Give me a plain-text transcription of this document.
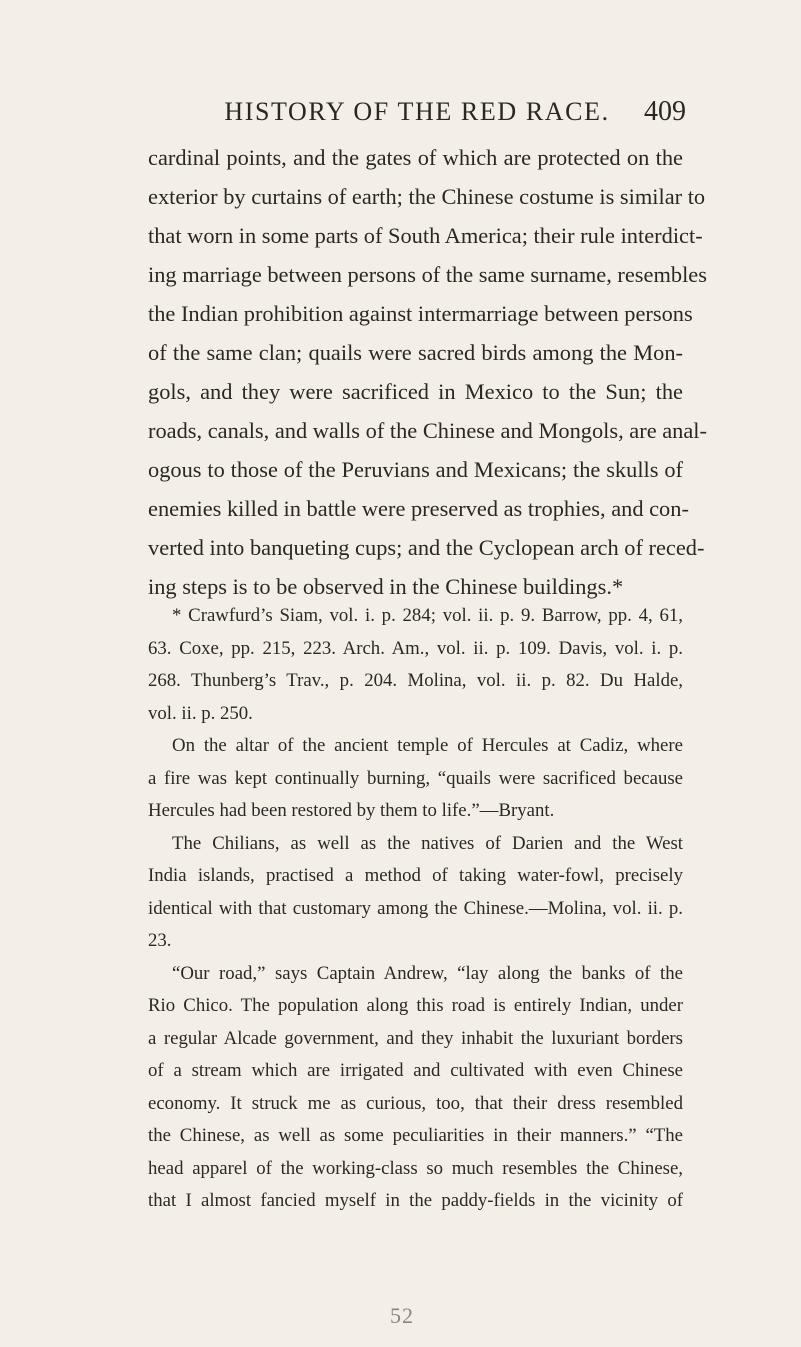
HISTORY OF THE RED RACE.	409
cardinal points, and the gates of which are protected on the
exterior by curtains of earth; the Chinese costume is similar to
that worn in some parts of South America; their rule interdict-
ing marriage between persons of the same surname, resembles
the Indian prohibition against intermarriage between persons
of the same clan; quails were sacred birds among the Mon-
gols, and they were sacrificed in Mexico to the Sun; the
roads, canals, and walls of the Chinese and Mongols, are anal-
ogous to those of the Peruvians and Mexicans; the skulls of
enemies killed in battle were preserved as trophies, and con-
verted into banqueting cups; and the Cyclopean arch of reced-
ing steps is to be observed in the Chinese buildings.*
* Crawfurd’s Siam, vol. i. p. 284; vol. ii. p. 9. Barrow, pp. 4, 61,
63. Coxe, pp. 215, 223. Arch. Am., vol. ii. p. 109. Davis, vol. i. p.
268. Thunberg’s Trav., p. 204. Molina, vol. ii. p. 82. Du Halde,
vol. ii. p. 250.
On the altar of the ancient temple of Hercules at Cadiz, where
a fire was kept continually burning, “quails were sacrificed because
Hercules had been restored by them to life.”—Bryant.
The Chilians, as well as the natives of Darien and the West
India islands, practised a method of taking water-fowl, precisely
identical with that customary among the Chinese.—Molina, vol. ii. p.
23.
“Our road,” says Captain Andrew, “lay along the banks of the
Rio Chico. The population along this road is entirely Indian, under
a regular Alcade government, and they inhabit the luxuriant borders
of a stream which are irrigated and cultivated with even Chinese
economy. It struck me as curious, too, that their dress resembled
the Chinese, as well as some peculiarities in their manners.” “The
head apparel of the working-class so much resembles the Chinese,
that I almost fancied myself in the paddy-fields in the vicinity of
52
